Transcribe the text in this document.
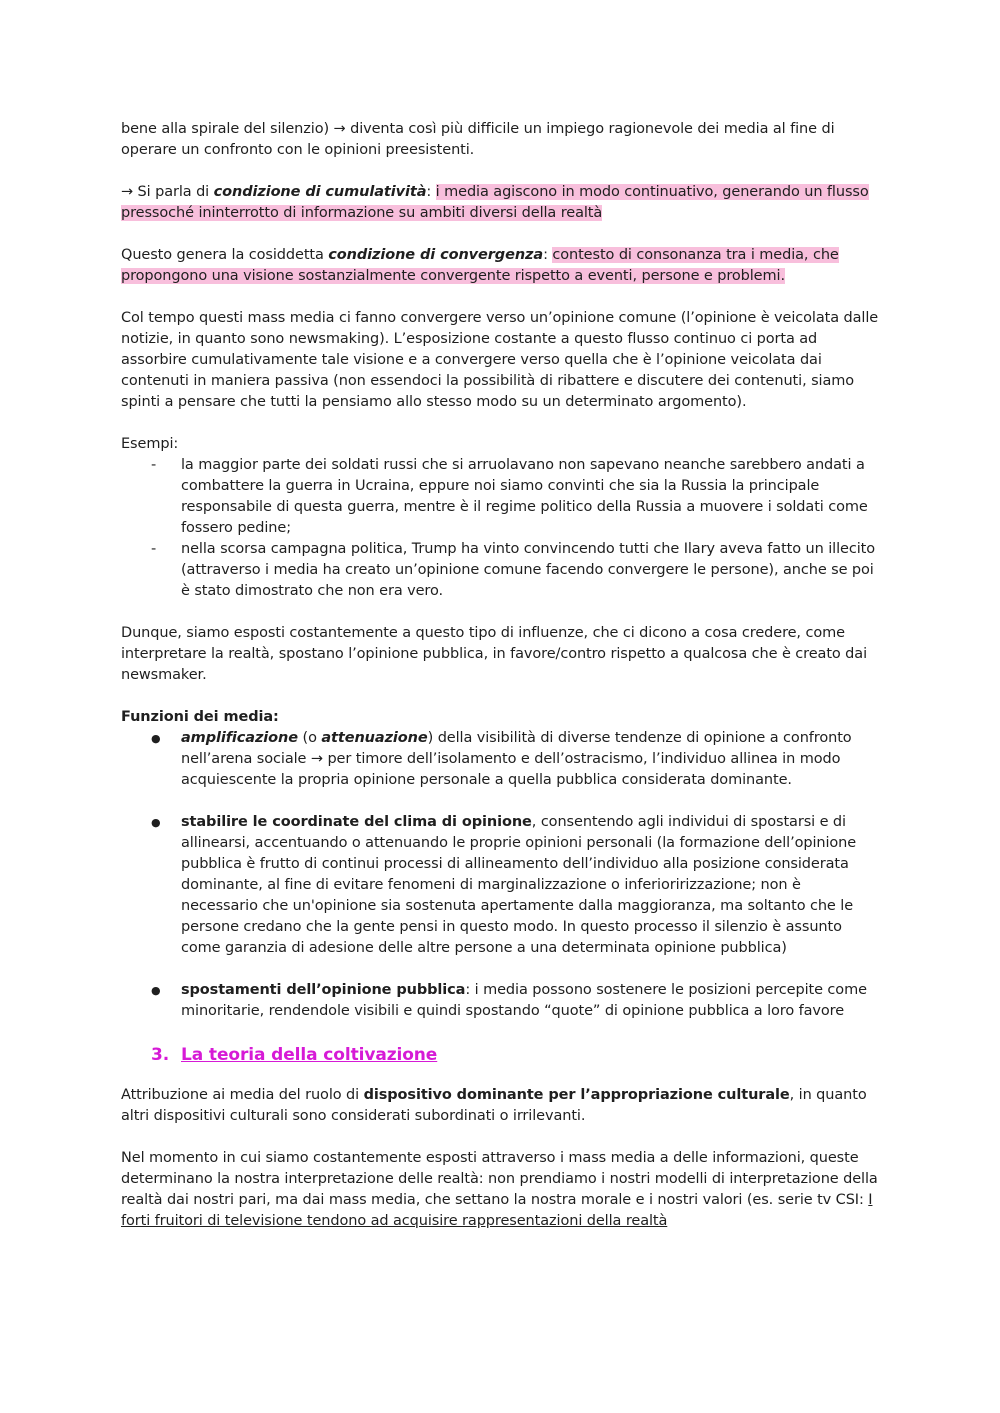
bene alla spirale del silenzio) → diventa così più difficile un impiego ragionevole dei media al fine di operare un confronto con le opinioni preesistenti.

→ Si parla di condizione di cumulatività: i media agiscono in modo continuativo, generando un flusso pressoché ininterrotto di informazione su ambiti diversi della realtà

Questo genera la cosiddetta condizione di convergenza: contesto di consonanza tra i media, che propongono una visione sostanzialmente convergente rispetto a eventi, persone e problemi.

Col tempo questi mass media ci fanno convergere verso un’opinione comune (l’opinione è veicolata dalle notizie, in quanto sono newsmaking). L’esposizione costante a questo flusso continuo ci porta ad assorbire cumulativamente tale visione e a convergere verso quella che è l’opinione veicolata dai contenuti in maniera passiva (non essendoci la possibilità di ribattere e discutere dei contenuti, siamo spinti a pensare che tutti la pensiamo allo stesso modo su un determinato argomento).

Esempi:

- la maggior parte dei soldati russi che si arruolavano non sapevano neanche sarebbero andati a combattere la guerra in Ucraina, eppure noi siamo convinti che sia la Russia la principale responsabile di questa guerra, mentre è il regime politico della Russia a muovere i soldati come fossero pedine;
- nella scorsa campagna politica, Trump ha vinto convincendo tutti che Ilary aveva fatto un illecito (attraverso i media ha creato un’opinione comune facendo convergere le persone), anche se poi è stato dimostrato che non era vero.

Dunque, siamo esposti costantemente a questo tipo di influenze, che ci dicono a cosa credere, come interpretare la realtà, spostano l’opinione pubblica, in favore/contro rispetto a qualcosa che è creato dai newsmaker.

Funzioni dei media:

● amplificazione (o attenuazione) della visibilità di diverse tendenze di opinione a confronto nell’arena sociale → per timore dell’isolamento e dell’ostracismo, l’individuo allinea in modo acquiescente la propria opinione personale a quella pubblica considerata dominante.
● stabilire le coordinate del clima di opinione, consentendo agli individui di spostarsi e di allinearsi, accentuando o attenuando le proprie opinioni personali (la formazione dell’opinione pubblica è frutto di continui processi di allineamento dell’individuo alla posizione considerata dominante, al fine di evitare fenomeni di marginalizzazione o inferioririzzazione; non è necessario che un'opinione sia sostenuta apertamente dalla maggioranza, ma soltanto che le persone credano che la gente pensi in questo modo. In questo processo il silenzio è assunto come garanzia di adesione delle altre persone a una determinata opinione pubblica)
● spostamenti dell’opinione pubblica: i media possono sostenere le posizioni percepite come minoritarie, rendendole visibili e quindi spostando “quote” di opinione pubblica a loro favore
3. La teoria della coltivazione

Attribuzione ai media del ruolo di dispositivo dominante per l’appropriazione culturale, in quanto altri dispositivi culturali sono considerati subordinati o irrilevanti.

Nel momento in cui siamo costantemente esposti attraverso i mass media a delle informazioni, queste determinano la nostra interpretazione delle realtà: non prendiamo i nostri modelli di interpretazione della realtà dai nostri pari, ma dai mass media, che settano la nostra morale e i nostri valori (es. serie tv CSI: I forti fruitori di televisione tendono ad acquisire rappresentazioni della realtà
